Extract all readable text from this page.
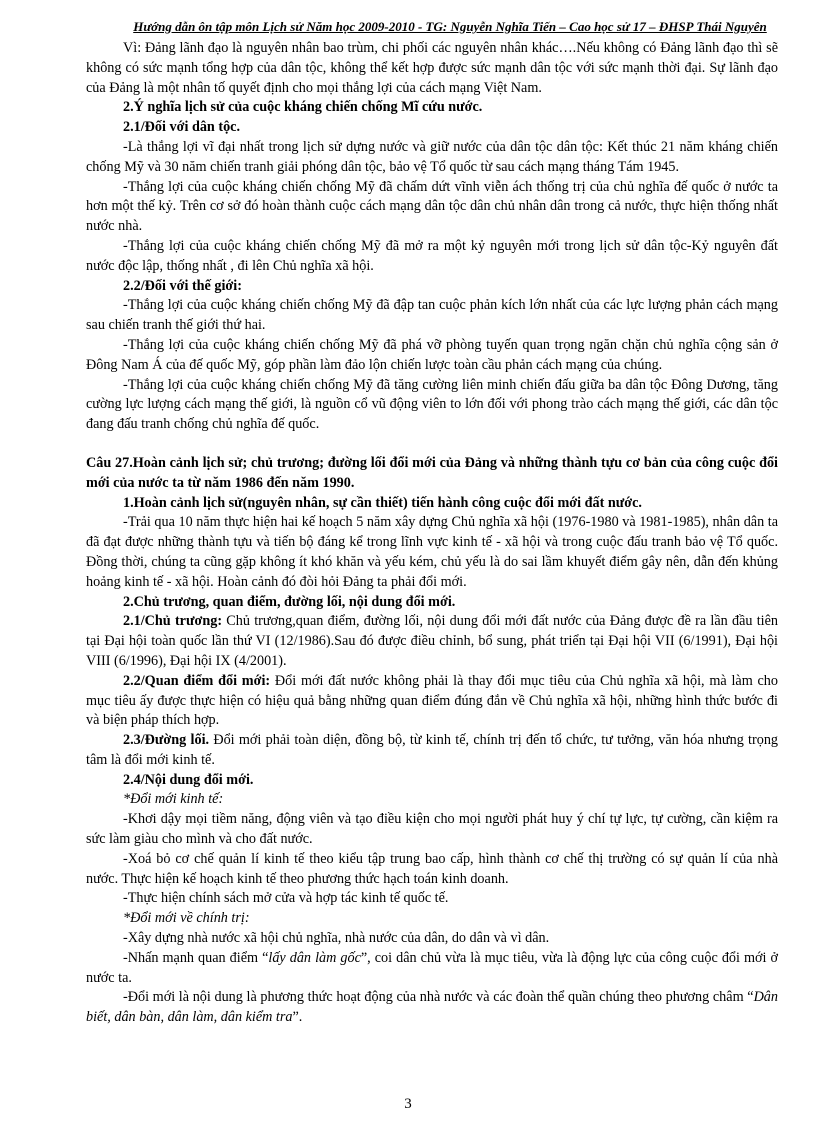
Hướng dẫn ôn tập môn Lịch sử Năm học 2009-2010 - TG: Nguyễn Nghĩa Tiến – Cao học sử 17 – ĐHSP Thái Nguyên

Vì: Đảng lãnh đạo là nguyên nhân bao trùm, chi phối các nguyên nhân khác….Nếu không có Đảng lãnh đạo thì sẽ không có sức mạnh tổng hợp của dân tộc, không thể kết hợp được sức mạnh dân tộc với sức mạnh thời đại. Sự lãnh đạo của Đảng là một nhân tố quyết định cho mọi thắng lợi của cách mạng Việt Nam.

2.Ý nghĩa lịch sử của cuộc kháng chiến chống Mĩ cứu nước.

2.1/Đối với dân tộc.

-Là thắng lợi vĩ đại nhất trong lịch sử dựng nước và giữ nước của dân tộc dân tộc: Kết thúc 21 năm kháng chiến chống Mỹ và 30 năm chiến tranh giải phóng dân tộc, bảo vệ Tổ quốc từ sau cách mạng tháng Tám 1945.

-Thắng lợi của cuộc kháng chiến chống Mỹ đã chấm dứt vĩnh viễn ách thống trị của chủ nghĩa đế quốc ở nước ta hơn một thế kỷ. Trên cơ sở đó hoàn thành cuộc cách mạng dân tộc dân chủ nhân dân trong cả nước, thực hiện thống nhất nước nhà.

-Thắng lợi của cuộc kháng chiến chống Mỹ đã mở ra một kỷ nguyên mới trong lịch sử dân tộc-Kỷ nguyên đất nước độc lập, thống nhất , đi lên Chủ nghĩa xã hội.

2.2/Đối với thế giới:

-Thắng lợi của cuộc kháng chiến chống Mỹ đã đập tan cuộc phản kích lớn nhất của các lực lượng phản cách mạng sau chiến tranh thế giới thứ hai.

-Thắng lợi của cuộc kháng chiến chống Mỹ đã phá vỡ phòng tuyến quan trọng ngăn chặn chủ nghĩa cộng sản ở Đông Nam Á của đế quốc Mỹ, góp phần làm đảo lộn chiến lược toàn cầu phản cách mạng của chúng.

-Thắng lợi của cuộc kháng chiến chống Mỹ đã tăng cường liên minh chiến đấu giữa ba dân tộc Đông Dương, tăng cường lực lượng cách mạng thế giới, là nguồn cổ vũ động viên to lớn đối với phong trào cách mạng thế giới, các dân tộc đang đấu tranh chống chủ nghĩa đế quốc.

Câu 27.Hoàn cảnh lịch sử; chủ trương; đường lối đổi mới của Đảng và những thành tựu cơ bản của công cuộc đổi mới của nước ta từ năm 1986 đến năm 1990.

1.Hoàn cảnh lịch sử(nguyên nhân, sự cần thiết) tiến hành công cuộc đổi mới đất nước.

-Trải qua 10 năm thực hiện hai kế hoạch 5 năm xây dựng Chủ nghĩa xã hội (1976-1980 và 1981-1985), nhân dân ta đã đạt được những thành tựu và tiến bộ đáng kể trong lĩnh vực kinh tế - xã hội và trong cuộc đấu tranh bảo vệ Tổ quốc. Đồng thời, chúng ta cũng gặp không ít khó khăn và yếu kém, chủ yếu là do sai lầm khuyết điểm gây nên, dẫn đến khủng hoảng kinh tế - xã hội. Hoàn cảnh đó đòi hỏi Đảng ta phải đổi mới.

2.Chủ trương, quan điểm, đường lối, nội dung đổi mới.

2.1/Chủ trương: Chủ trương,quan điểm, đường lối, nội dung đổi mới đất nước của Đảng được đề ra lần đầu tiên tại Đại hội toàn quốc lần thứ VI (12/1986).Sau đó được điều chỉnh, bổ sung, phát triển tại Đại hội VII (6/1991), Đại hội VIII (6/1996), Đại hội IX (4/2001).

2.2/Quan điểm đổi mới: Đổi mới đất nước không phải là thay đổi mục tiêu của Chủ nghĩa xã hội, mà làm cho mục tiêu ấy được thực hiện có hiệu quả bằng những quan điểm đúng đắn về Chủ nghĩa xã hội, những hình thức bước đi và biện pháp thích hợp.

2.3/Đường lối. Đổi mới phải toàn diện, đồng bộ, từ kinh tế, chính trị đến tổ chức, tư tưởng, văn hóa nhưng trọng tâm là đổi mới kinh tế.

2.4/Nội dung đổi mới.

*Đổi mới kinh tế:

-Khơi dậy mọi tiềm năng, động viên và tạo điều kiện cho mọi người phát huy ý chí tự lực, tự cường, cần kiệm ra sức làm giàu cho mình và cho đất nước.

-Xoá bỏ cơ chế quản lí kinh tế theo kiểu tập trung bao cấp, hình thành cơ chế thị trường có sự quản lí của nhà nước. Thực hiện kế hoạch kinh tế theo phương thức hạch toán kinh doanh.

-Thực hiện chính sách mở cửa và hợp tác kinh tế quốc tế.

*Đổi mới về chính trị:

-Xây dựng nhà nước xã hội chủ nghĩa, nhà nước của dân, do dân và vì dân.

-Nhấn mạnh quan điểm “lấy dân làm gốc”, coi dân chủ vừa là mục tiêu, vừa là động lực của công cuộc đổi mới ở nước ta.

-Đổi mới là nội dung là phương thức hoạt động của nhà nước và các đoàn thể quần chúng theo phương châm “Dân biết, dân bàn, dân làm, dân kiểm tra”.

3
